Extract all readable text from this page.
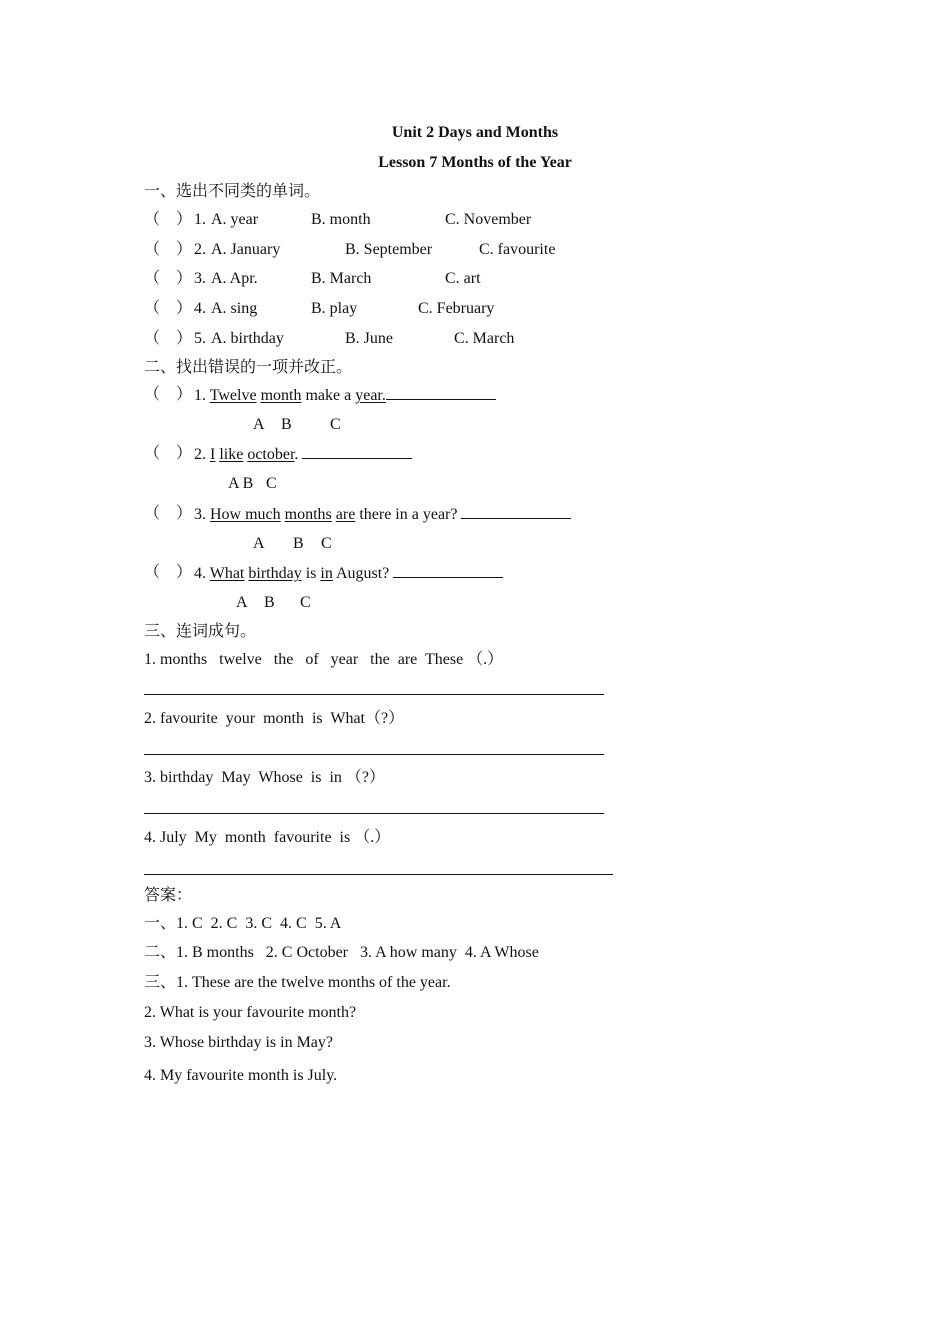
Unit 2 Days and Months
Lesson 7 Months of the Year
一、选出不同类的单词。
（　） 1. A. year	B. month	C. November
（　） 2. A. January	B. September	C. favourite
（　） 3. A. Apr.	B. March	C. art
（　） 4. A. sing	B. play	C. February
（　） 5. A. birthday	B. June	C. March
二、找出错误的一项并改正。
（　） 1. Twelve month make a year.
A B C
（　） 2. I like october.
A B C
（　） 3. How much months are there in a year?
A B C
（　） 4. What birthday is in August?
A B C
三、连词成句。
1. months   twelve   the   of   year   the  are  These （.）
2. favourite  your  month  is  What（?）
3. birthday  May  Whose  is  in （?）
4. July  My  month  favourite  is （.）
答案：
一、1. C  2. C  3. C  4. C  5. A
二、1. B months   2. C October   3. A how many  4. A Whose
三、1. These are the twelve months of the year.
2. What is your favourite month?
3. Whose birthday is in May?
4. My favourite month is July.
